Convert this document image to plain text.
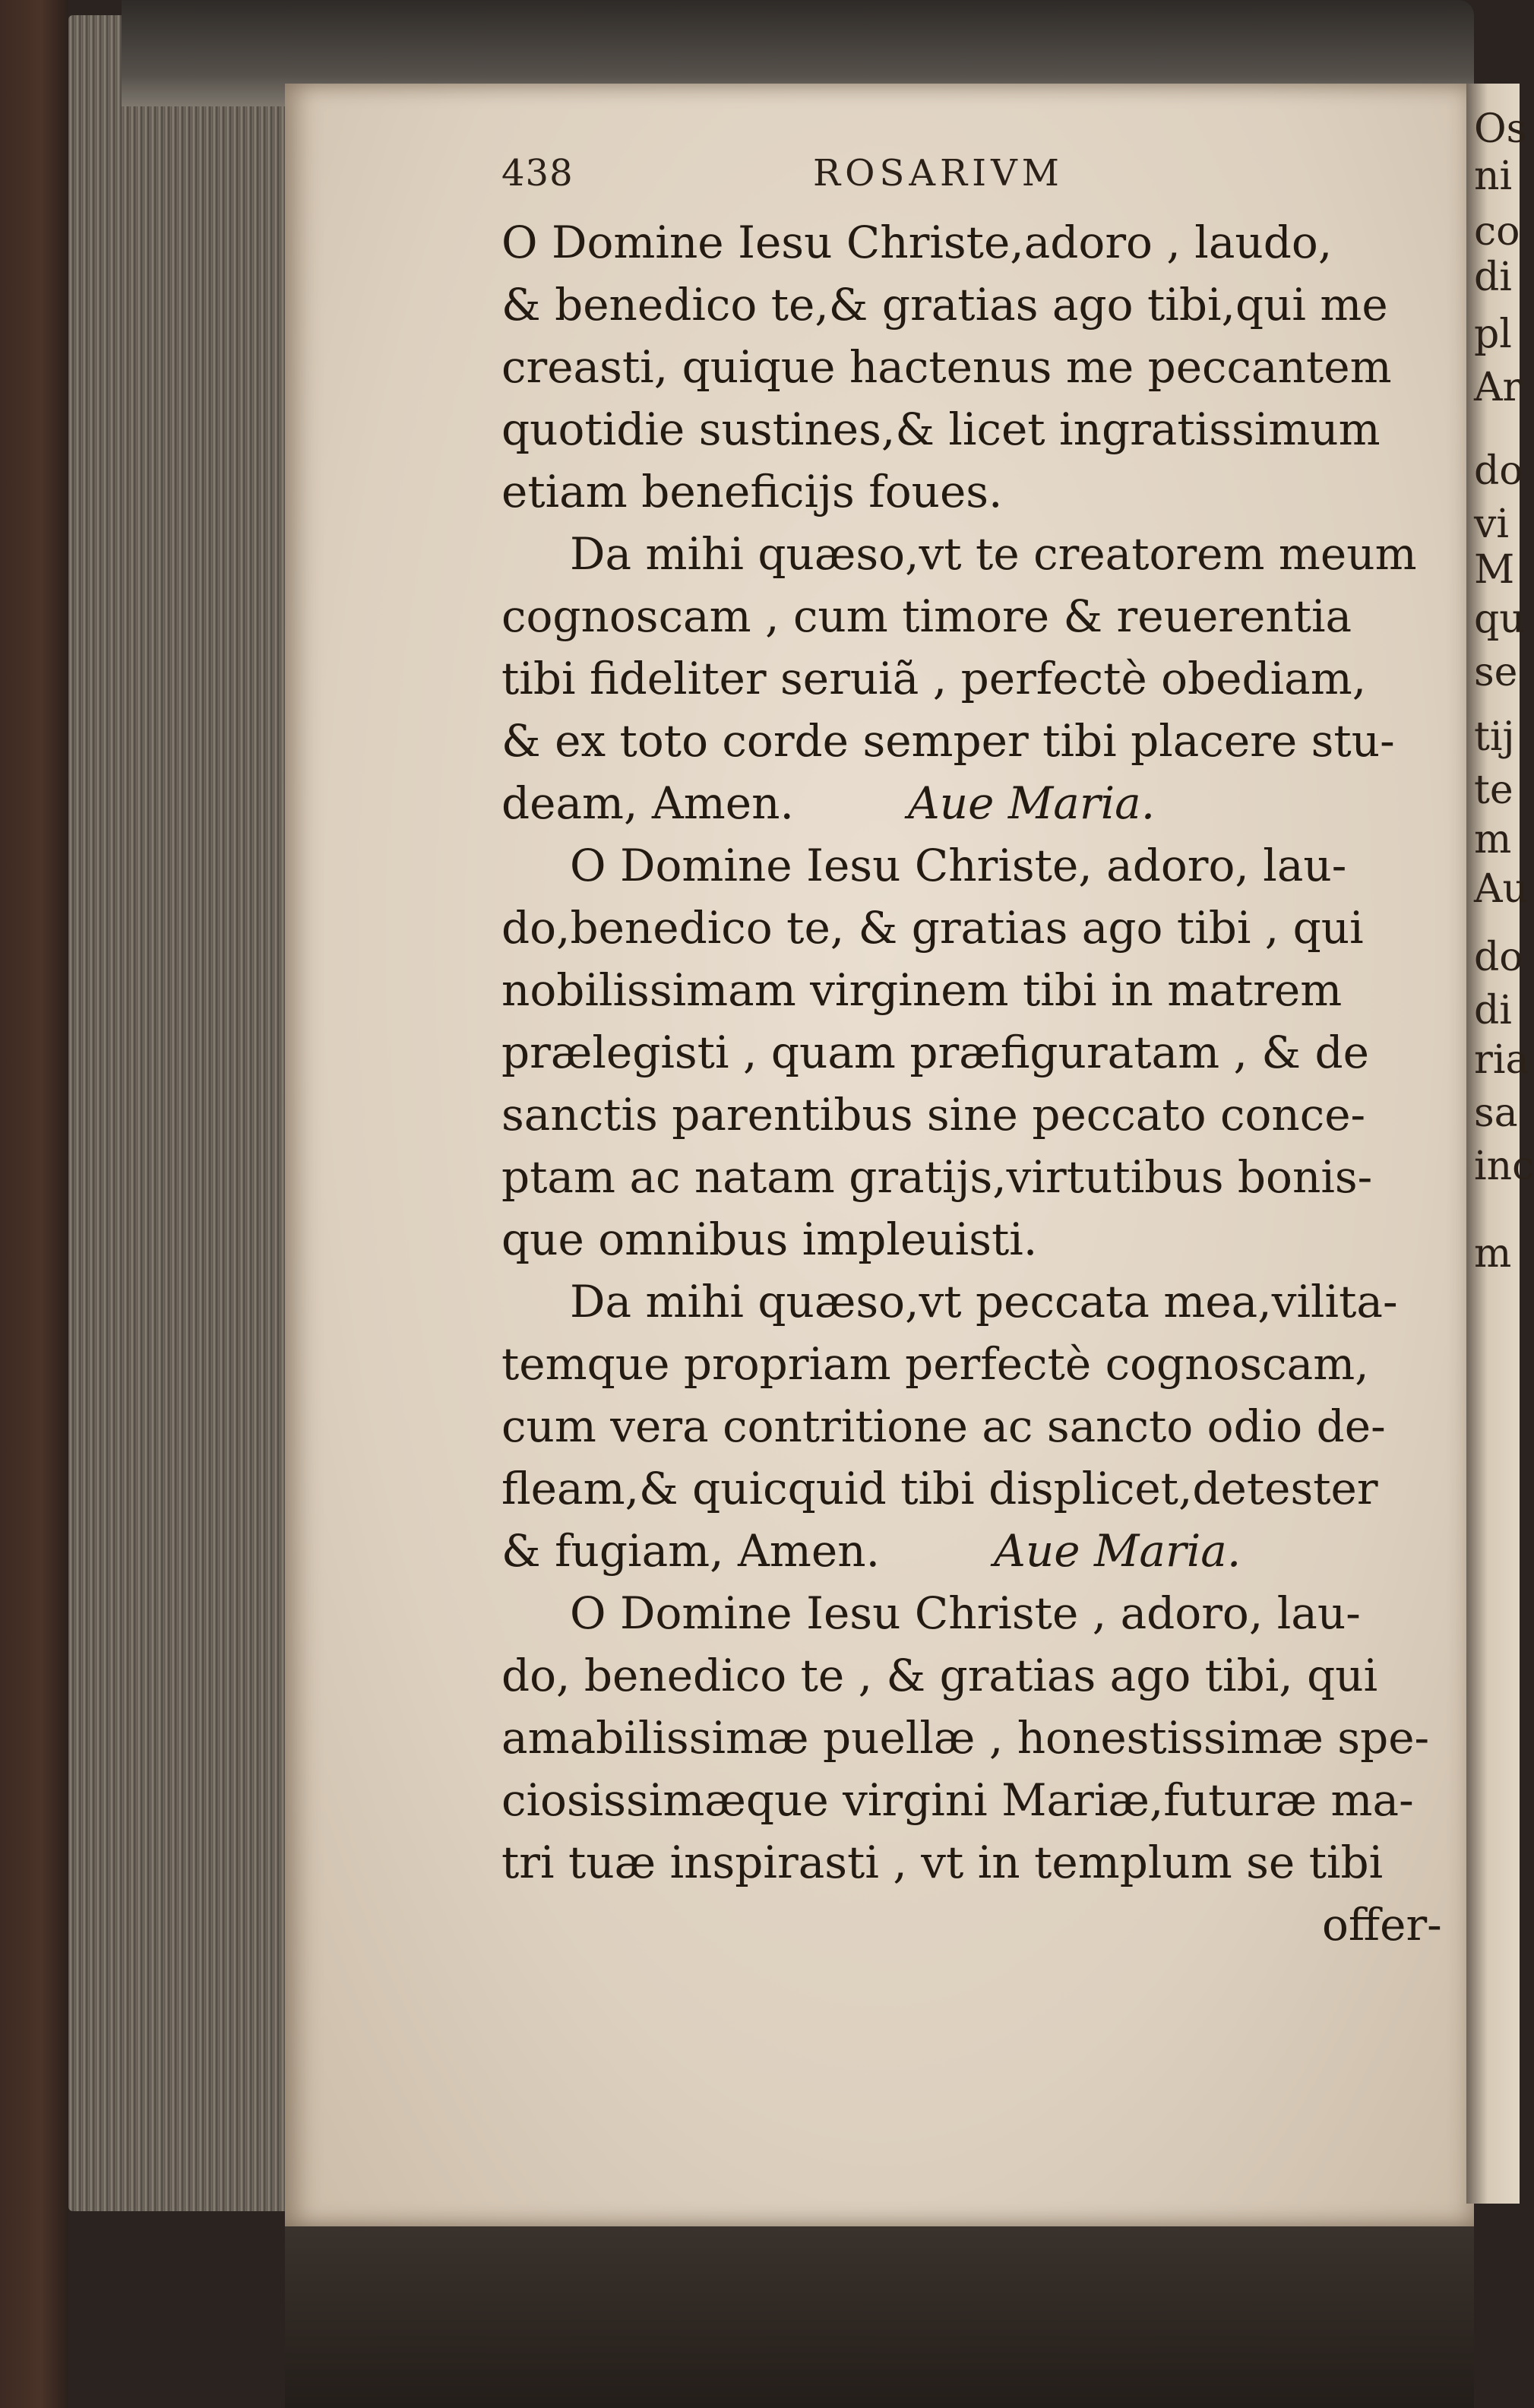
Os
ni
co
di
pl
Ar
do
vi
M
qu
se
tij
te
m
Au
do
di
ria
sa
inc
m
438	ROSARIVM
O Domine Iesu Christe,adoro , laudo,
& benedico te,& gratias ago tibi,qui me
creasti, quique hactenus me peccantem
quotidie sustines,& licet ingratissimum
etiam beneficijs foues.
Da mihi quæso,vt te creatorem meum
cognoscam , cum timore & reuerentia
tibi fideliter seruiã , perfectè obediam,
& ex toto corde semper tibi placere stu-
deam, Amen.	Aue Maria.
O Domine Iesu Christe, adoro, lau-
do,benedico te, & gratias ago tibi , qui
nobilissimam virginem tibi in matrem
prælegisti , quam præfiguratam , & de
sanctis parentibus sine peccato conce-
ptam ac natam gratijs,virtutibus bonis-
que omnibus impleuisti.
Da mihi quæso,vt peccata mea,vilita-
temque propriam perfectè cognoscam,
cum vera contritione ac sancto odio de-
fleam,& quicquid tibi displicet,detester
& fugiam, Amen.	Aue Maria.
O Domine Iesu Christe , adoro, lau-
do, benedico te , & gratias ago tibi, qui
amabilissimæ puellæ , honestissimæ spe-
ciosissimæque virgini Mariæ,futuræ ma-
tri tuæ inspirasti , vt in templum se tibi
offer-
